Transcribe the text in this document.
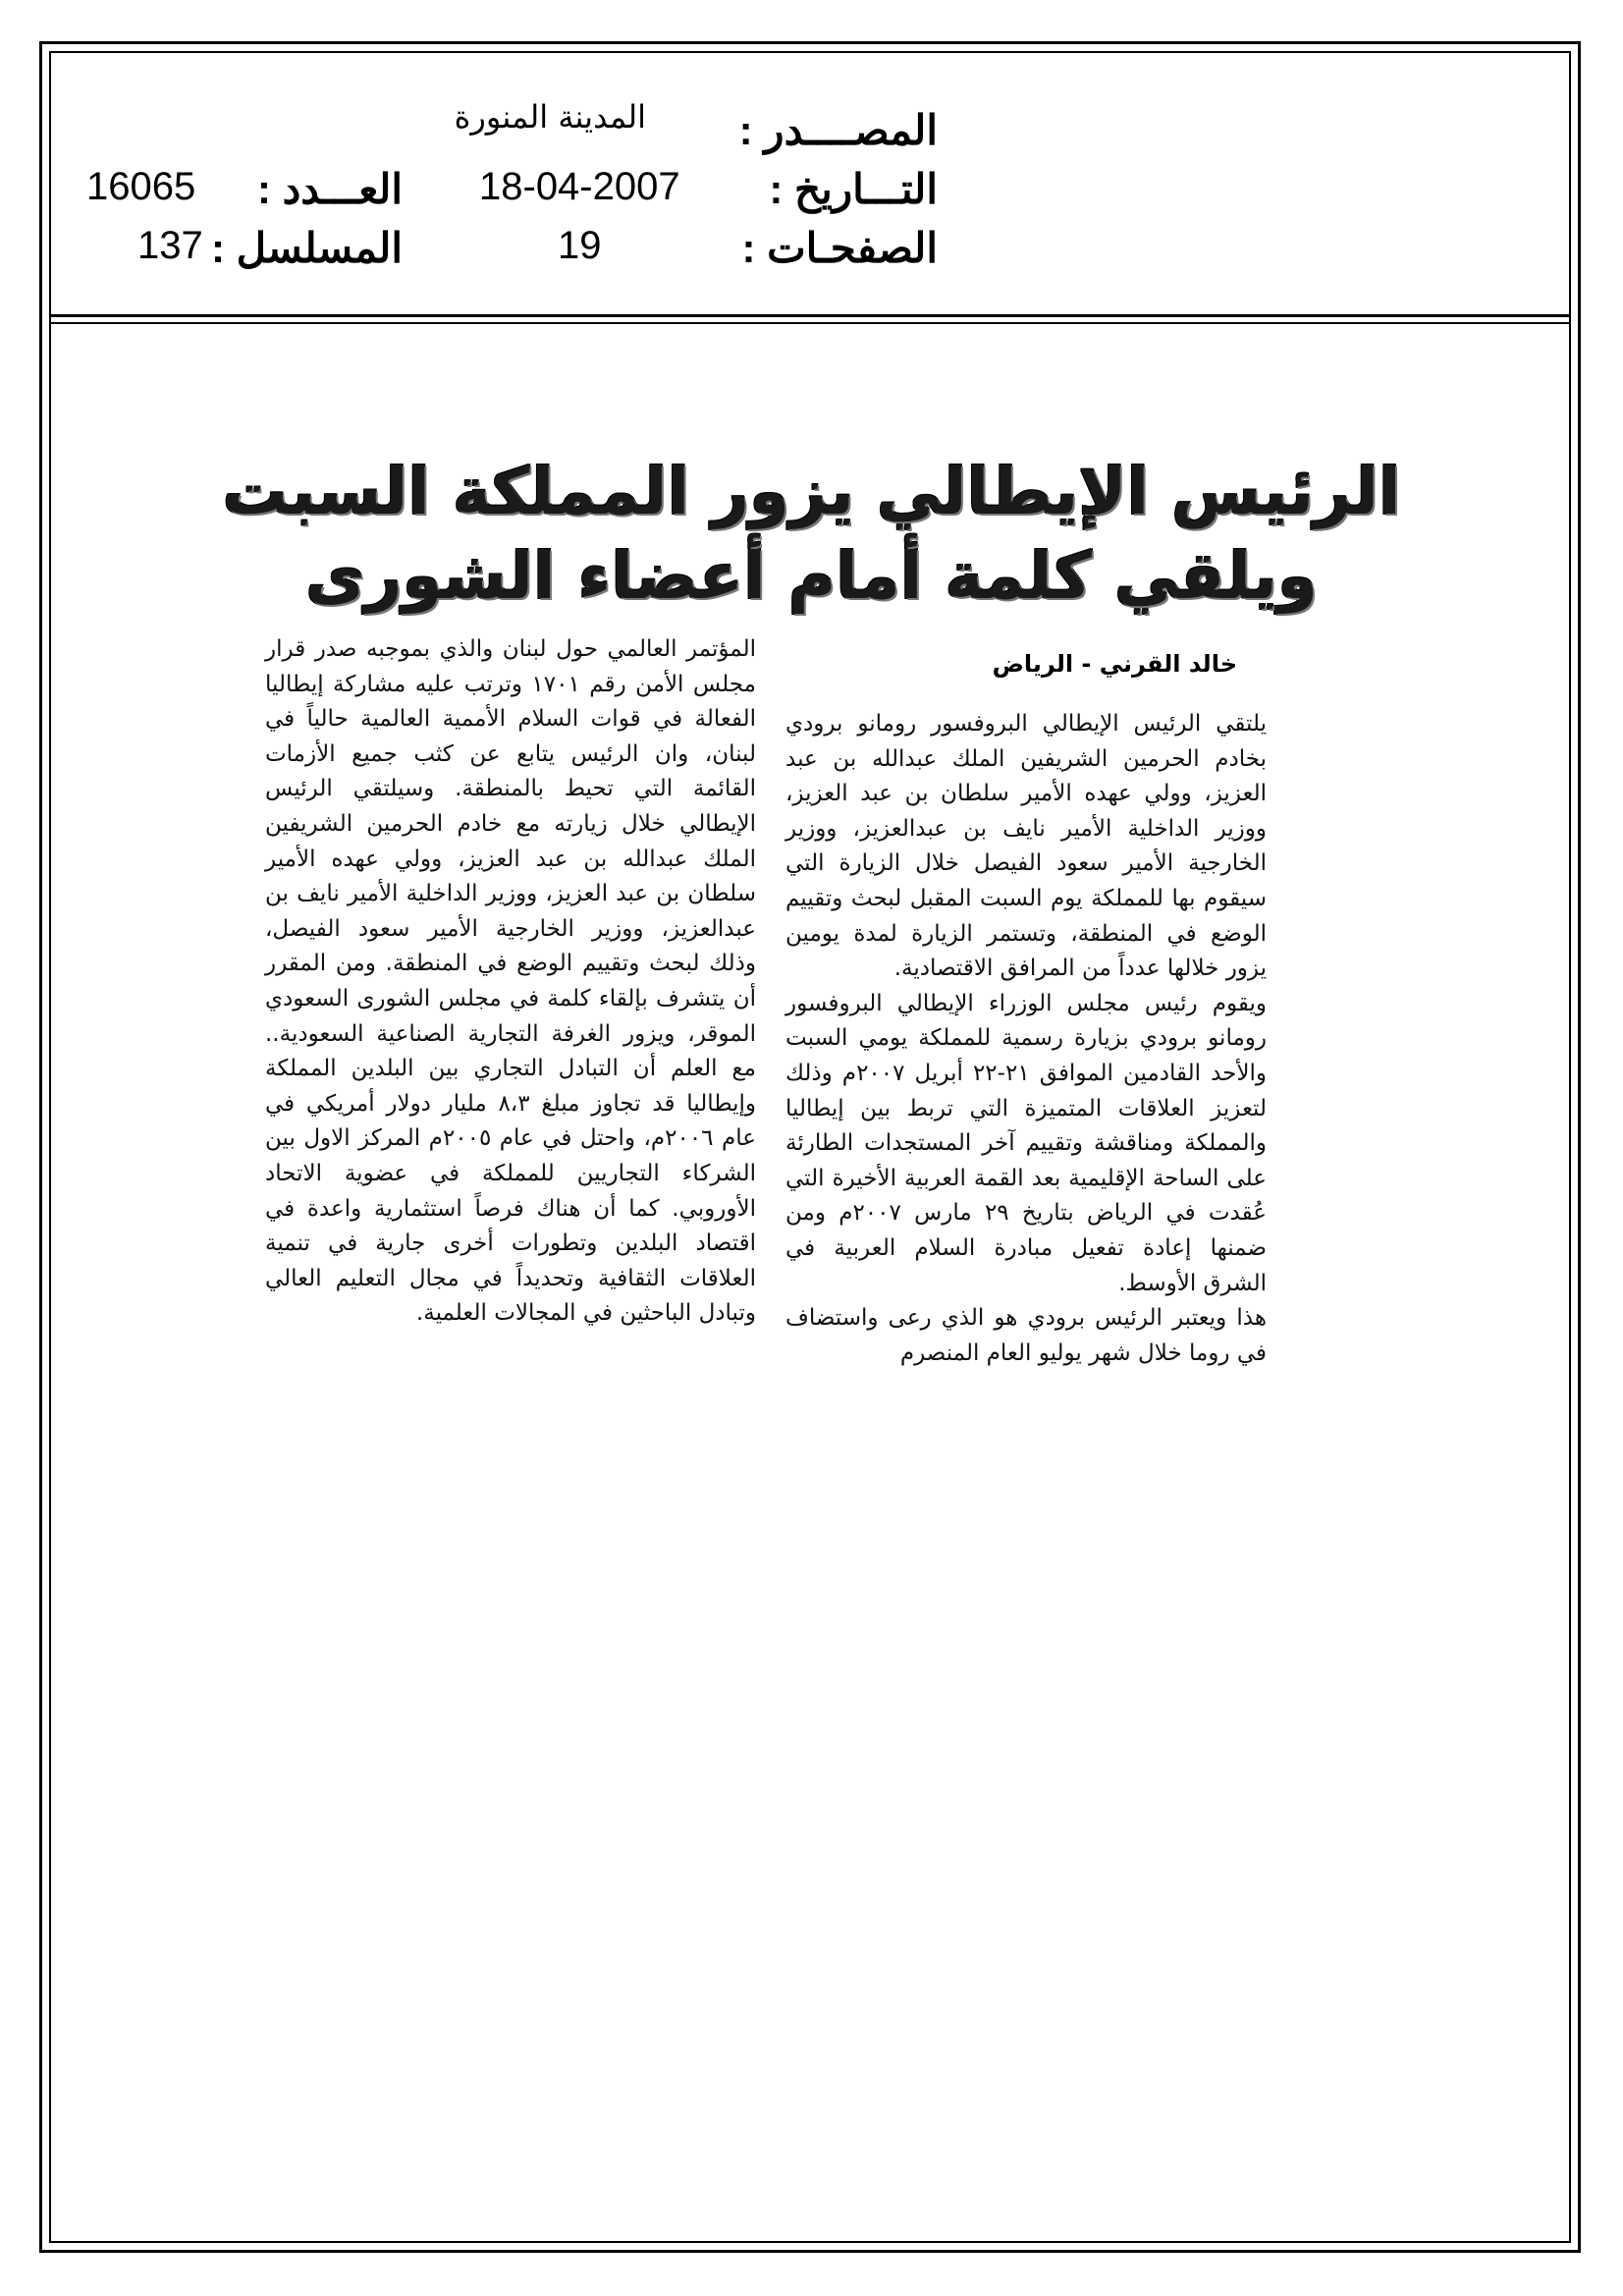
المصــــدر :
المدينة المنورة
التـــاريخ :
18-04-2007
العـــدد :
16065
الصفحـات :
19
المسلسل :
137
الرئيس الإيطالي يزور المملكة السبت
ويلقي كلمة أمام أعضاء الشورى
خالد القرني - الرياض

يلتقي الرئيس الإيطالي البروفسور رومانو برودي بخادم الحرمين الشريفين الملك عبدالله بن عبد العزيز، وولي عهده الأمير سلطان بن عبد العزيز، ووزير الداخلية الأمير نايف بن عبدالعزيز، ووزير الخارجية الأمير سعود الفيصل خلال الزيارة التي سيقوم بها للمملكة يوم السبت المقبل لبحث وتقييم الوضع في المنطقة، وتستمر الزيارة لمدة يومين يزور خلالها عدداً من المرافق الاقتصادية.

ويقوم رئيس مجلس الوزراء الإيطالي البروفسور رومانو برودي بزيارة رسمية للمملكة يومي السبت والأحد القادمين الموافق ٢١-٢٢ أبريل ٢٠٠٧م وذلك لتعزيز العلاقات المتميزة التي تربط بين إيطاليا والمملكة ومناقشة وتقييم آخر المستجدات الطارئة على الساحة الإقليمية بعد القمة العربية الأخيرة التي عُقدت في الرياض بتاريخ ٢٩ مارس ٢٠٠٧م ومن ضمنها إعادة تفعيل مبادرة السلام العربية في الشرق الأوسط.

هذا ويعتبر الرئيس برودي هو الذي رعى واستضاف في روما خلال شهر يوليو العام المنصرم

المؤتمر العالمي حول لبنان والذي بموجبه صدر قرار مجلس الأمن رقم ١٧٠١ وترتب عليه مشاركة إيطاليا الفعالة في قوات السلام الأممية العالمية حالياً في لبنان، وان الرئيس يتابع عن كثب جميع الأزمات القائمة التي تحيط بالمنطقة. وسيلتقي الرئيس الإيطالي خلال زيارته مع خادم الحرمين الشريفين الملك عبدالله بن عبد العزيز، وولي عهده الأمير سلطان بن عبد العزيز، ووزير الداخلية الأمير نايف بن عبدالعزيز، ووزير الخارجية الأمير سعود الفيصل، وذلك لبحث وتقييم الوضع في المنطقة. ومن المقرر أن يتشرف بإلقاء كلمة في مجلس الشورى السعودي الموقر، ويزور الغرفة التجارية الصناعية السعودية.. مع العلم أن التبادل التجاري بين البلدين المملكة وإيطاليا قد تجاوز مبلغ ٨،٣ مليار دولار أمريكي في عام ٢٠٠٦م، واحتل في عام ٢٠٠٥م المركز الاول بين الشركاء التجاريين للمملكة في عضوية الاتحاد الأوروبي. كما أن هناك فرصاً استثمارية واعدة في اقتصاد البلدين وتطورات أخرى جارية في تنمية العلاقات الثقافية وتحديداً في مجال التعليم العالي وتبادل الباحثين في المجالات العلمية.
